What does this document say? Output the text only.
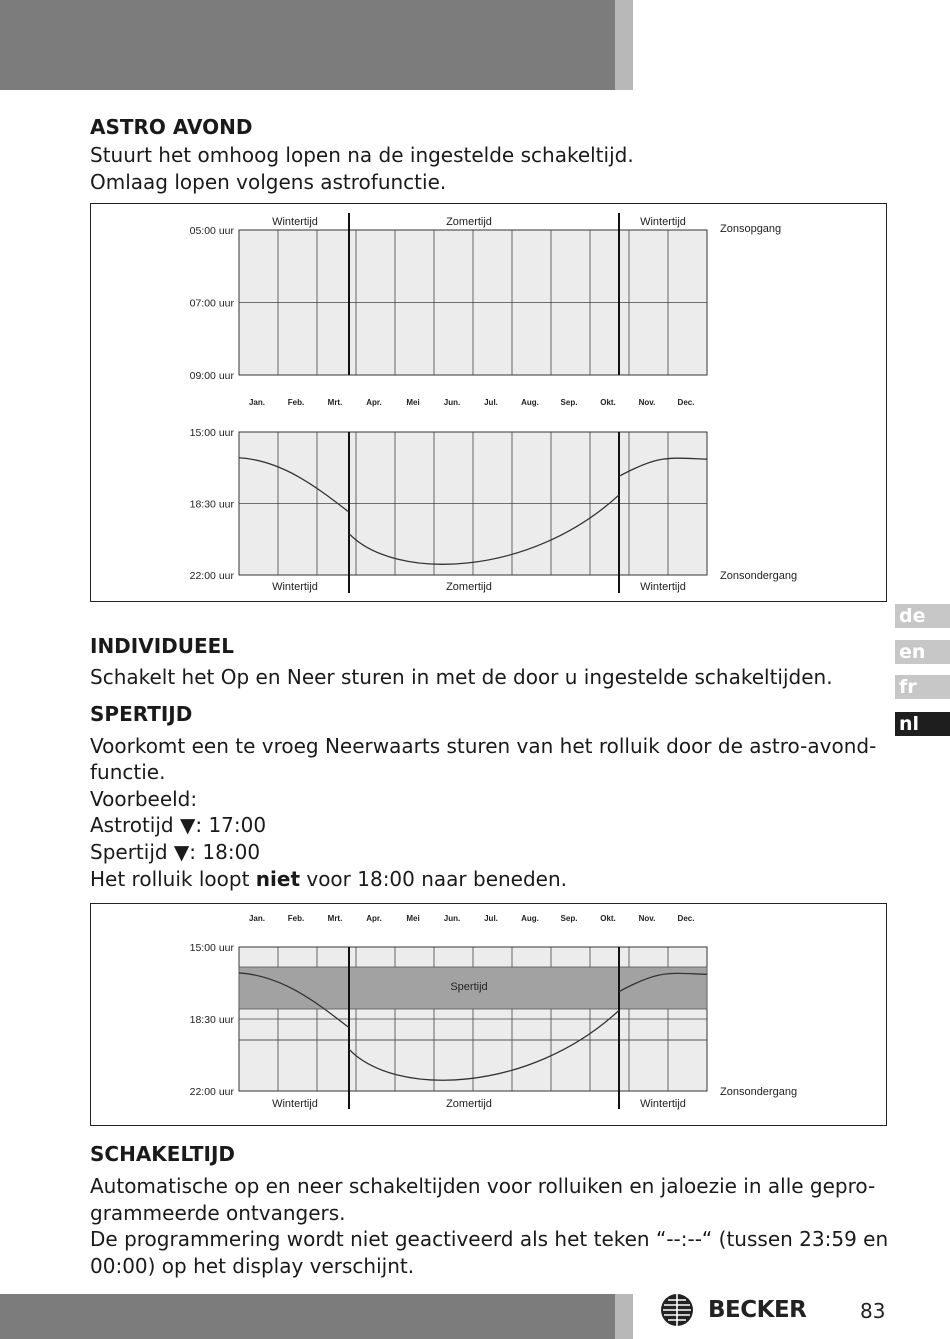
ASTRO AVOND

Stuurt het omhoog lopen na de ingestelde schakeltijd.

Omlaag lopen volgens astrofunctie.

Wintertijd	Zomertijd	Wintertijd
05:00 uur
07:00 uur
09:00 uur
15:00 uur
18:30 uur
22:00 uur
Jan.	Feb.	Mrt.	Apr.	Mei	Jun.	Jul.	Aug.	Sep.	Okt.	Nov.	Dec.
Wintertijd	Zomertijd	Wintertijd
Zonsopgang
Zonsondergang
INDIVIDUEEL

Schakelt het Op en Neer sturen in met de door u ingestelde schakeltijden.

SPERTIJD

Voorkomt een te vroeg Neerwaarts sturen van het rolluik door de astro-avond-

functie.

Voorbeeld:

Astrotijd ▼: 17:00

Spertijd ▼: 18:00

Het rolluik loopt niet voor 18:00 naar beneden.

Jan.	Feb.	Mrt.	Apr.	Mei	Jun.	Jul.	Aug.	Sep.	Okt.	Nov.	Dec.
Spertijd
15:00 uur
18:30 uur
22:00 uur
Wintertijd	Zomertijd	Wintertijd
Zonsondergang
SCHAKELTIJD

Automatische op en neer schakeltijden voor rolluiken en jaloezie in alle gepro-

grammeerde ontvangers.

De programmering wordt niet geactiveerd als het teken “--:--“ (tussen 23:59 en

00:00) op het display verschijnt.

de
en
fr
nl
BECKER	83
